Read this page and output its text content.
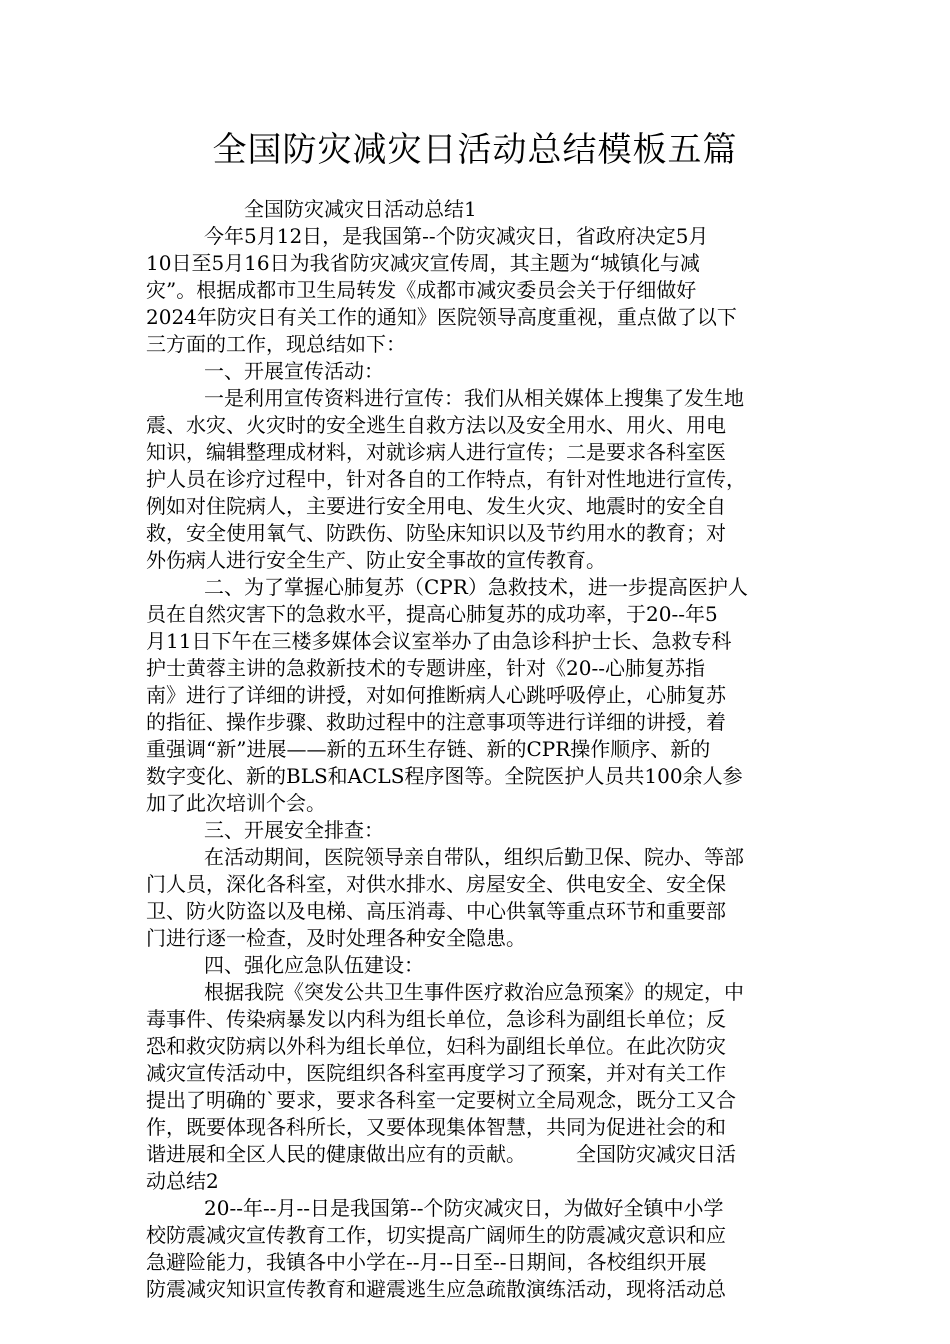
全国防灾减灾日活动总结模板五篇
全国防灾减灾日活动总结1
今年5月12日，是我国第--个防灾减灾日，省政府决定5月
10日至5月16日为我省防灾减灾宣传周，其主题为“城镇化与减
灾”。根据成都市卫生局转发《成都市减灾委员会关于仔细做好
2024年防灾日有关工作的通知》医院领导高度重视，重点做了以下
三方面的工作，现总结如下：
一、开展宣传活动：
一是利用宣传资料进行宣传：我们从相关媒体上搜集了发生地
震、水灾、火灾时的安全逃生自救方法以及安全用水、用火、用电
知识，编辑整理成材料，对就诊病人进行宣传；二是要求各科室医
护人员在诊疗过程中，针对各自的工作特点，有针对性地进行宣传，
例如对住院病人，主要进行安全用电、发生火灾、地震时的安全自
救，安全使用氧气、防跌伤、防坠床知识以及节约用水的教育；对
外伤病人进行安全生产、防止安全事故的宣传教育。
二、为了掌握心肺复苏（CPR）急救技术，进一步提高医护人
员在自然灾害下的急救水平，提高心肺复苏的成功率，于20--年5
月11日下午在三楼多媒体会议室举办了由急诊科护士长、急救专科
护士黄蓉主讲的急救新技术的专题讲座，针对《20--心肺复苏指
南》进行了详细的讲授，对如何推断病人心跳呼吸停止，心肺复苏
的指征、操作步骤、救助过程中的注意事项等进行详细的讲授，着
重强调“新”进展——新的五环生存链、新的CPR操作顺序、新的
数字变化、新的BLS和ACLS程序图等。全院医护人员共100余人参
加了此次培训个会。
三、开展安全排查：
在活动期间，医院领导亲自带队，组织后勤卫保、院办、等部
门人员，深化各科室，对供水排水、房屋安全、供电安全、安全保
卫、防火防盗以及电梯、高压消毒、中心供氧等重点环节和重要部
门进行逐一检查，及时处理各种安全隐患。
四、强化应急队伍建设：
根据我院《突发公共卫生事件医疗救治应急预案》的规定，中
毒事件、传染病暴发以内科为组长单位，急诊科为副组长单位；反
恐和救灾防病以外科为组长单位，妇科为副组长单位。在此次防灾
减灾宣传活动中，医院组织各科室再度学习了预案，并对有关工作
提出了明确的`要求，要求各科室一定要树立全局观念，既分工又合
作，既要体现各科所长，又要体现集体智慧，共同为促进社会的和
谐进展和全区人民的健康做出应有的贡献。　　　全国防灾减灾日活
动总结2
20--年--月--日是我国第--个防灾减灾日，为做好全镇中小学
校防震减灾宣传教育工作，切实提高广阔师生的防震减灾意识和应
急避险能力，我镇各中小学在--月--日至--日期间，各校组织开展
防震减灾知识宣传教育和避震逃生应急疏散演练活动，现将活动总
